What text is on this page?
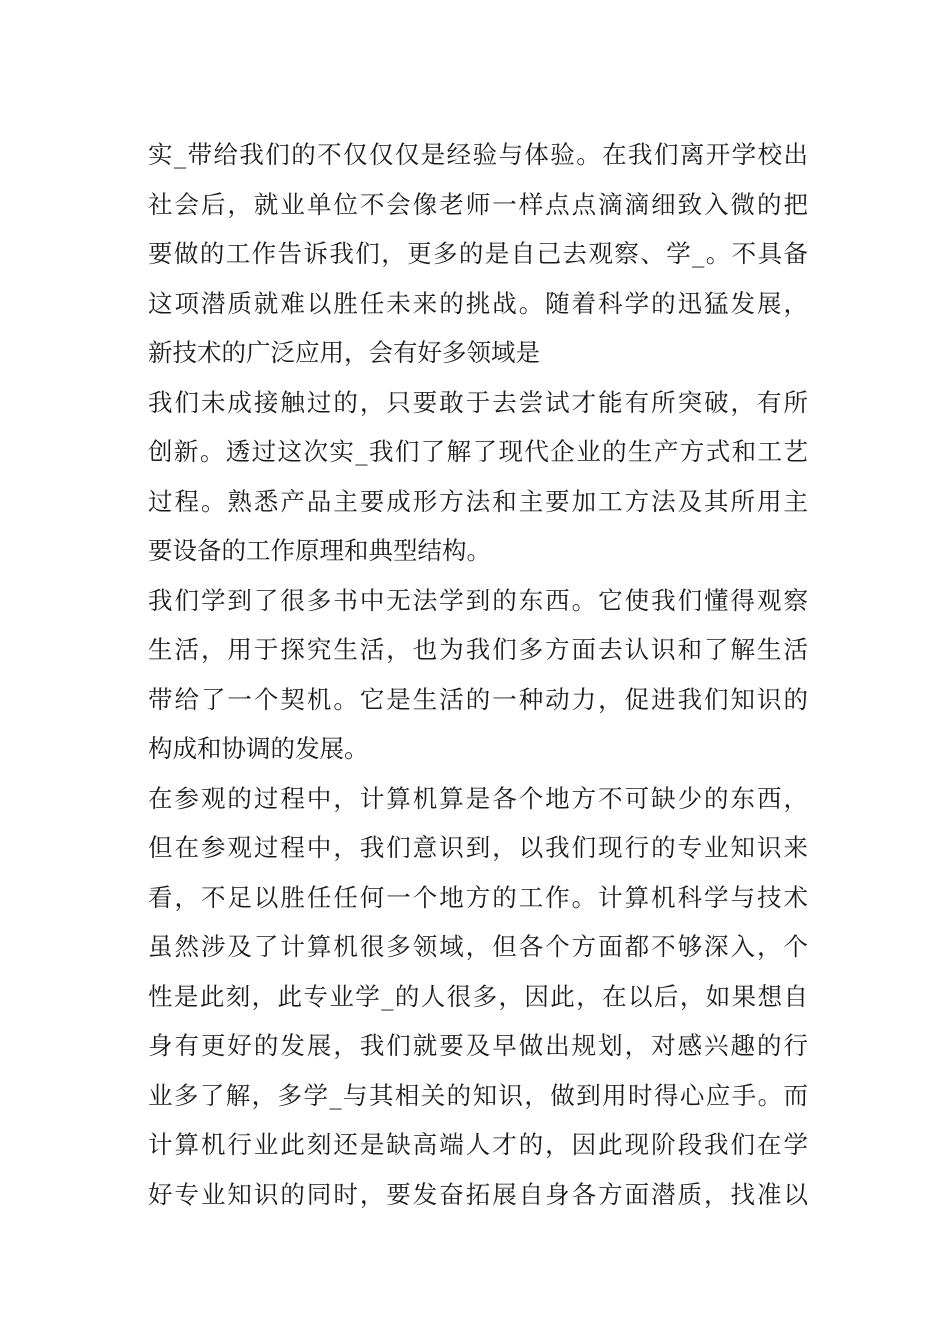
实_带给我们的不仅仅仅是经验与体验。在我们离开学校出
社会后，就业单位不会像老师一样点点滴滴细致入微的把
要做的工作告诉我们，更多的是自己去观察、学_。不具备
这项潜质就难以胜任未来的挑战。随着科学的迅猛发展，
新技术的广泛应用，会有好多领域是
我们未成接触过的，只要敢于去尝试才能有所突破，有所
创新。透过这次实_我们了解了现代企业的生产方式和工艺
过程。熟悉产品主要成形方法和主要加工方法及其所用主
要设备的工作原理和典型结构。
我们学到了很多书中无法学到的东西。它使我们懂得观察
生活，用于探究生活，也为我们多方面去认识和了解生活
带给了一个契机。它是生活的一种动力，促进我们知识的
构成和协调的发展。
在参观的过程中，计算机算是各个地方不可缺少的东西，
但在参观过程中，我们意识到，以我们现行的专业知识来
看，不足以胜任任何一个地方的工作。计算机科学与技术
虽然涉及了计算机很多领域，但各个方面都不够深入，个
性是此刻，此专业学_的人很多，因此，在以后，如果想自
身有更好的发展，我们就要及早做出规划，对感兴趣的行
业多了解，多学_与其相关的知识，做到用时得心应手。而
计算机行业此刻还是缺高端人才的，因此现阶段我们在学
好专业知识的同时，要发奋拓展自身各方面潜质，找准以
